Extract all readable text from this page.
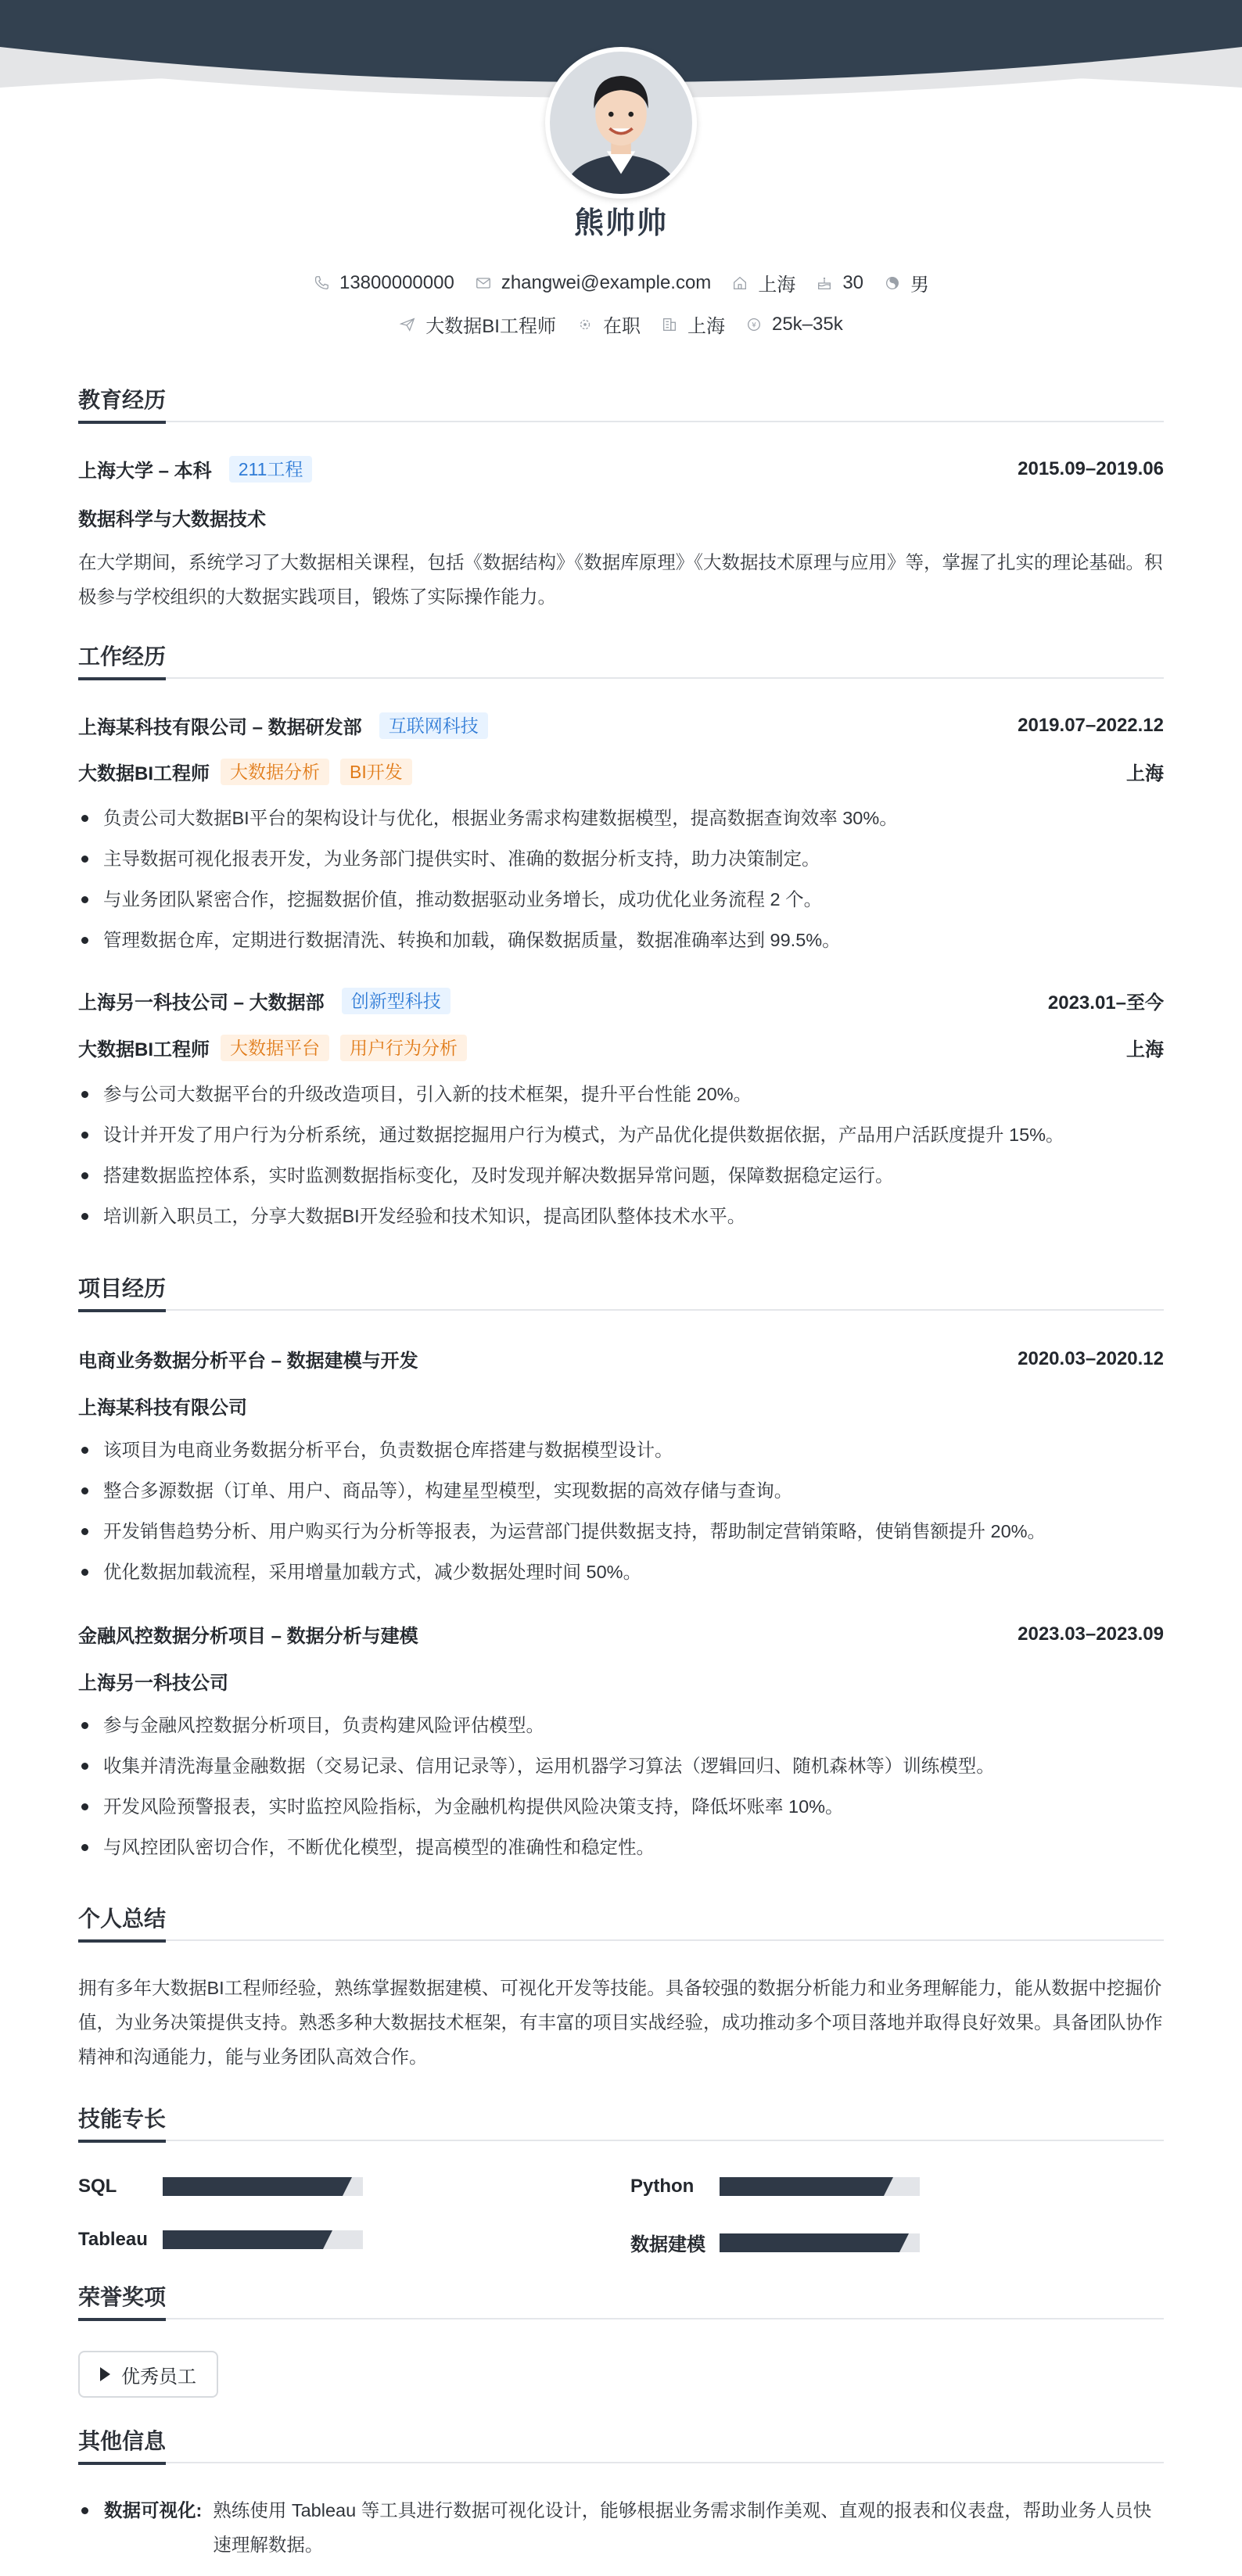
熊帅帅
13800000000	zhangwei@example.com	上海	30	男
大数据BI工程师	在职	上海	¥ 25k–35k
教育经历
上海大学 – 本科	211工程	2015.09–2019.06
数据科学与大数据技术
在大学期间，系统学习了大数据相关课程，包括《数据结构》《数据库原理》《大数据技术原理与应用》等，掌握了扎实的理论基础。积极参与学校组织的大数据实践项目，锻炼了实际操作能力。
工作经历
上海某科技有限公司 – 数据研发部	互联网科技	2019.07–2022.12
大数据BI工程师	大数据分析	BI开发	上海
负责公司大数据BI平台的架构设计与优化，根据业务需求构建数据模型，提高数据查询效率 30%。
主导数据可视化报表开发，为业务部门提供实时、准确的数据分析支持，助力决策制定。
与业务团队紧密合作，挖掘数据价值，推动数据驱动业务增长，成功优化业务流程 2 个。
管理数据仓库，定期进行数据清洗、转换和加载，确保数据质量，数据准确率达到 99.5%。
上海另一科技公司 – 大数据部	创新型科技	2023.01–至今
大数据BI工程师	大数据平台	用户行为分析	上海
参与公司大数据平台的升级改造项目，引入新的技术框架，提升平台性能 20%。
设计并开发了用户行为分析系统，通过数据挖掘用户行为模式，为产品优化提供数据依据，产品用户活跃度提升 15%。
搭建数据监控体系，实时监测数据指标变化，及时发现并解决数据异常问题，保障数据稳定运行。
培训新入职员工，分享大数据BI开发经验和技术知识，提高团队整体技术水平。
项目经历
电商业务数据分析平台 – 数据建模与开发	2020.03–2020.12
上海某科技有限公司
该项目为电商业务数据分析平台，负责数据仓库搭建与数据模型设计。
整合多源数据（订单、用户、商品等），构建星型模型，实现数据的高效存储与查询。
开发销售趋势分析、用户购买行为分析等报表，为运营部门提供数据支持，帮助制定营销策略，使销售额提升 20%。
优化数据加载流程，采用增量加载方式，减少数据处理时间 50%。
金融风控数据分析项目 – 数据分析与建模	2023.03–2023.09
上海另一科技公司
参与金融风控数据分析项目，负责构建风险评估模型。
收集并清洗海量金融数据（交易记录、信用记录等），运用机器学习算法（逻辑回归、随机森林等）训练模型。
开发风险预警报表，实时监控风险指标，为金融机构提供风险决策支持，降低坏账率 10%。
与风控团队密切合作，不断优化模型，提高模型的准确性和稳定性。
个人总结
拥有多年大数据BI工程师经验，熟练掌握数据建模、可视化开发等技能。具备较强的数据分析能力和业务理解能力，能从数据中挖掘价值，为业务决策提供支持。熟悉多种大数据技术框架，有丰富的项目实战经验，成功推动多个项目落地并取得良好效果。具备团队协作精神和沟通能力，能与业务团队高效合作。
技能专长
SQL	Python
Tableau	数据建模
荣誉奖项
优秀员工
其他信息
数据可视化: 熟练使用 Tableau 等工具进行数据可视化设计，能够根据业务需求制作美观、直观的报表和仪表盘，帮助业务人员快速理解数据。
